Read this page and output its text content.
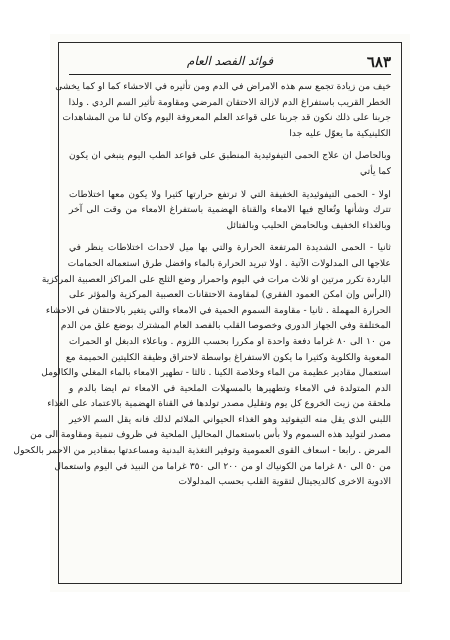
٦٨٣
فوائد الفصد العام
خيف من زيادة تجمع سم هذه الامراض في الدم ومن تأثيره في الاحشاء كما او كما يخشى
الخطر القريب باستفراغ الدم لازالة الاحتقان المرضي ومقاومة تأثير السم الردي . ولذا
جربنا على ذلك نكون قد جربنا على قواعد العلم المعروفة اليوم وكان لنا من المشاهدات
الكلينيكية ما يعوّل عليه جدا
وبالحاصل ان علاج الحمى التيفوئيدية المنطبق على قواعد الطب اليوم ينبغي ان يكون
كما يأتي
اولا - الحمى التيفوئيدية الخفيفة التي لا ترتفع حرارتها كثيرا ولا يكون معها اختلاطات
تترك وشأنها وتُعالج فيها الامعاء والقناة الهضمية باستفراغ الامعاء من وقت الى آخر
وبالغذاء الخفيف وبالحامض الحليب وبالفتائل
ثانيا - الحمى الشديدة المرتفعة الحرارة والتي بها ميل لاحداث اختلاطات ينظر في
علاجها الى المدلولات الآتية . اولا تبريد الحرارة بالماء وافضل طرق استعماله الحمامات
الباردة تكرر مرتين او ثلاث مرات في اليوم واحمرار وضع الثلج على المراكز العصبية المركزية
(الرأس وإن امكن العمود الفقري) لمقاومة الاحتقانات العصبية المركزية والمؤثر على
الحرارة المهملة . ثانيا - مقاومة السموم الحمية في الامعاء والتي يتغير بالاحتقان في الاحشاء
المختلفة وفي الجهاز الدوري وخصوصا القلب بالفصد العام المشترك بوضع علق من الدم
من ١٠ الى ٨٠ غراما دفعة واحدة او مكررا بحسب اللزوم . وباعلاء الدبغل او الحمرات
المعوية والكلوية وكثيرا ما يكون الاستفراغ بواسطة لاحتراق وظيفة الكليتين الحميمة مع
استعمال مقادير عظيمة من الماء وخلاصة الكينا . ثالثا - تطهير الامعاء بالماء المغلي والكالومل
الدم المتولدة في الامعاء وتطهيرها بالمسهلات الملحية في الامعاء تم ايضا بالدم و
ملحقة من زيت الخروع كل يوم وتقليل مصدر تولدها في القناة الهضمية بالاعتماد على الغذاء
اللبني الذي يقل منه التيفوئيد وهو الغذاء الحيواني الملائم لذلك فانه يقل السم الاخير
مصدر لتوليد هذه السموم ولا بأس باستعمال المحاليل الملحية في ظروف تنمية ومقاومة الى من
المرض . رابعا - اسعاف القوى العمومية وتوفير التغذية البدنية ومساعدتها بمقادير من الاحمر بالكحول
من ٥٠ الى ٨٠ غراما من الكونياك او من ٢٠٠ الى ٣٥٠ غراما من النبيذ في اليوم واستعمال
الادوية الاخرى كالديجيتال لتقوية القلب بحسب المدلولات
